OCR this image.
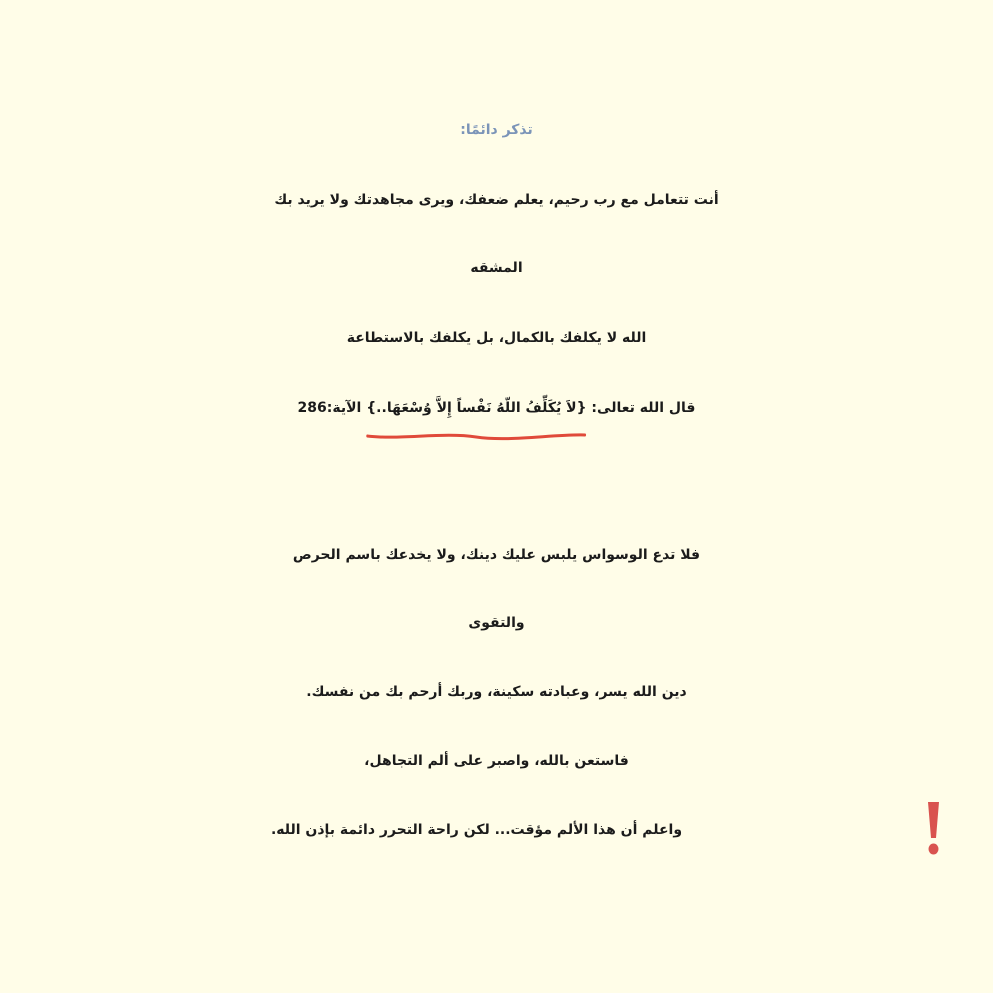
تذكر دائمًا:
أنت تتعامل مع رب رحيم، يعلم ضعفك، ويرى مجاهدتك ولا يريد بك
المشقه
الله لا يكلفك بالكمال، بل يكلفك بالاستطاعة
قال الله تعالى: {لاَ يُكَلِّفُ اللّهُ نَفْساً إِلاَّ وُسْعَهَا..}
الآية:286
فلا تدع الوسواس يلبس عليك دينك، ولا يخدعك باسم الحرص
والتقوى
دين الله يسر، وعبادته سكينة، وربك أرحم بك من نفسك.
فاستعن بالله، واصبر على ألم التجاهل،
واعلم أن هذا الألم مؤقت... لكن راحة التحرر دائمة بإذن الله.
